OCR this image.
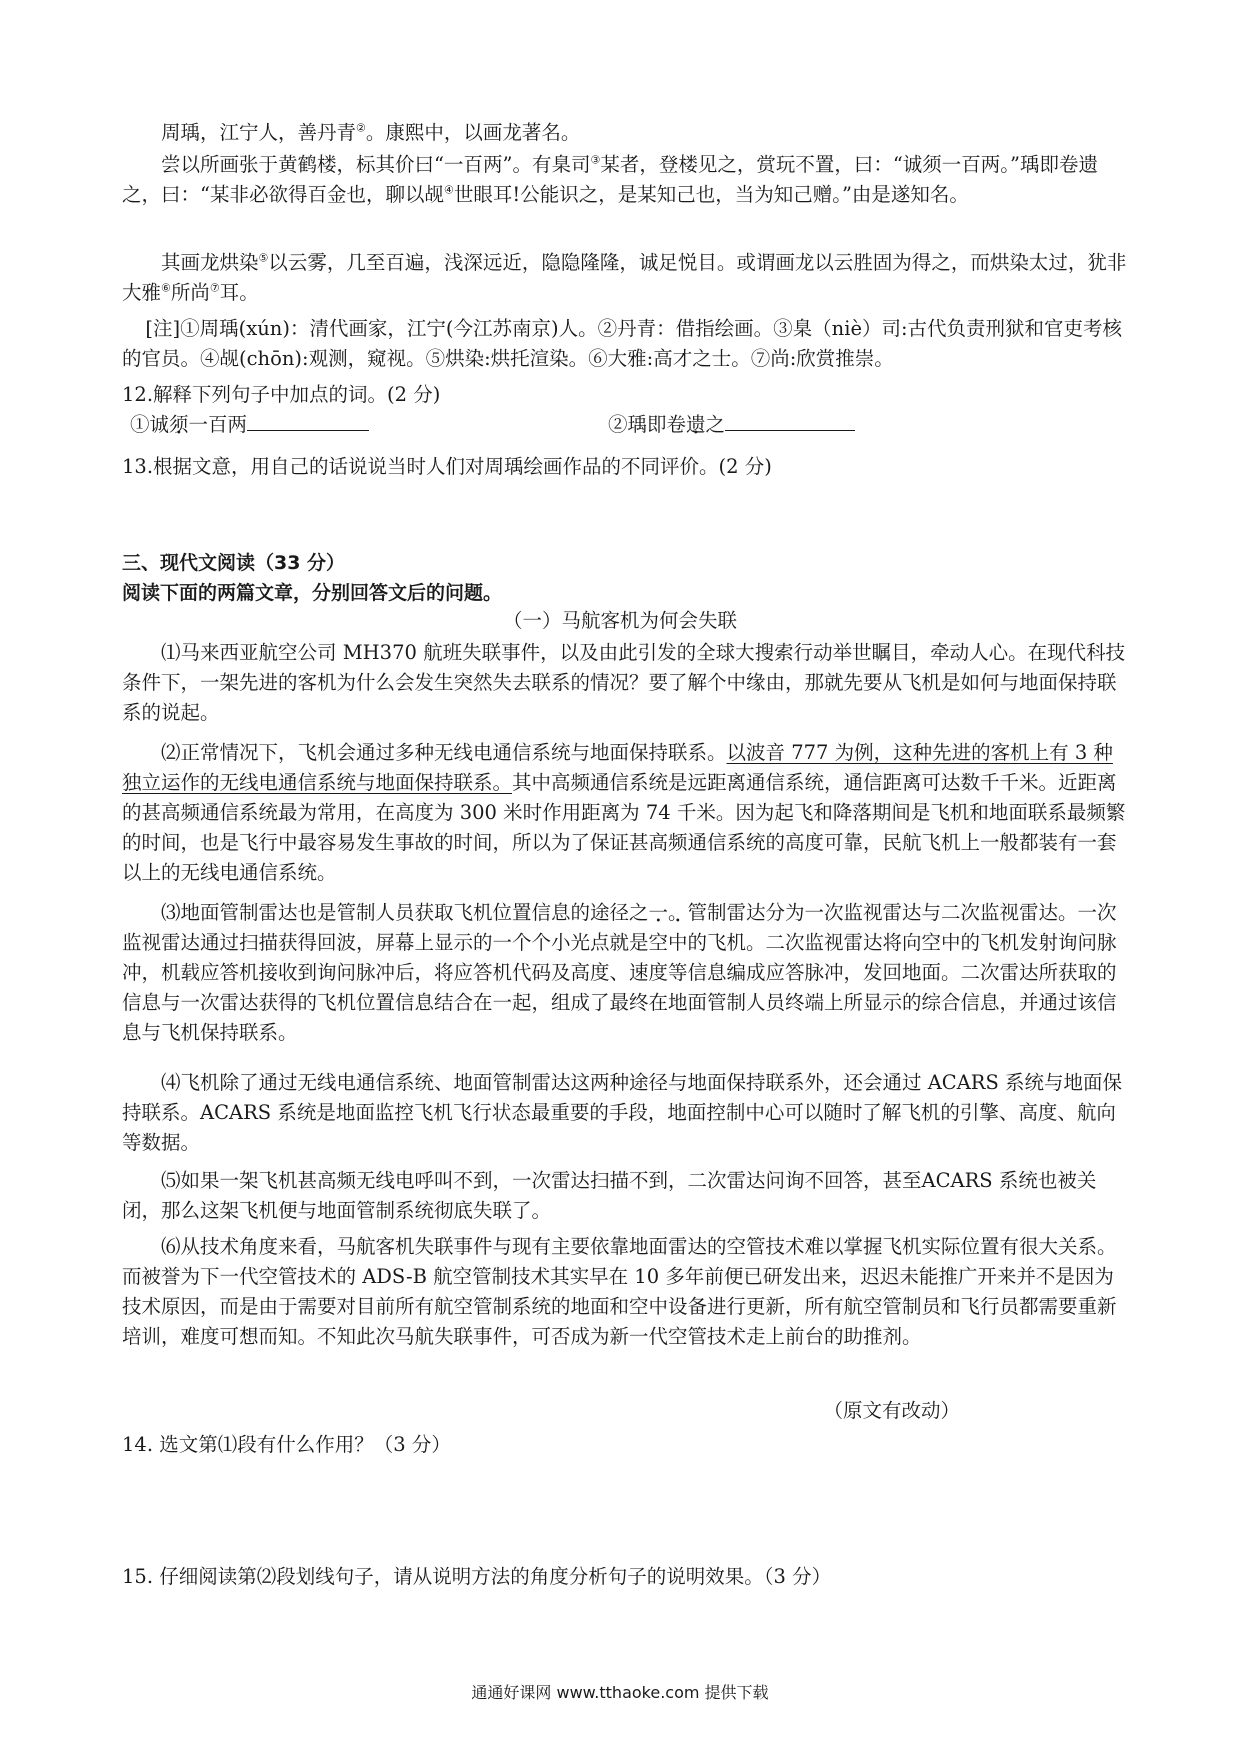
周瑀，江宁人，善丹青②。康熙中，以画龙著名。

尝以所画张于黄鹤楼，标其价曰“一百两”。有臬司③某者，登楼见之，赏玩不置，曰：“诚须一百两。”瑀即卷遗之，曰：“某非必欲得百金也，聊以觇④世眼耳!公能识之，是某知己也，当为知己赠。”由是遂知名。

其画龙烘染⑤以云雾，几至百遍，浅深远近，隐隐隆隆，诚足悦目。或谓画龙以云胜固为得之，而烘染太过，犹非大雅⑥所尚⑦耳。

[注]①周瑀(xún)：清代画家，江宁(今江苏南京)人。②丹青：借指绘画。③臬（niè）司:古代负责刑狱和官吏考核的官员。④觇(chōn):观测，窥视。⑤烘染:烘托渲染。⑥大雅:高才之士。⑦尚:欣赏推崇。

12.解释下列句子中加点的词。(2 分)

①诚须一百两	②瑀即卷遗之

13.根据文意，用自己的话说说当时人们对周瑀绘画作品的不同评价。(2 分)

三、现代文阅读（33 分）

阅读下面的两篇文章，分别回答文后的问题。

（一）马航客机为何会失联

⑴马来西亚航空公司 MH370 航班失联事件，以及由此引发的全球大搜索行动举世瞩目，牵动人心。在现代科技条件下，一架先进的客机为什么会发生突然失去联系的情况？要了解个中缘由，那就先要从飞机是如何与地面保持联系的说起。

⑵正常情况下，飞机会通过多种无线电通信系统与地面保持联系。以波音 777 为例，这种先进的客机上有 3 种独立运作的无线电通信系统与地面保持联系。其中高频通信系统是远距离通信系统，通信距离可达数千千米。近距离的甚高频通信系统最为常用，在高度为 300 米时作用距离为 74 千米。因为起飞和降落期间是飞机和地面联系最频繁的时间，也是飞行中最容易发生事故的时间，所以为了保证甚高频通信系统的高度可靠，民航飞机上一般都装有一套以上的无线电通信系统。

⑶地面管制雷达也是管制人员获取飞机位置信息的途径之一。管制雷达分为一次监视雷达与二次监视雷达。一次监视雷达通过扫描获得回波，屏幕上显示的一个个小光点就是空中的飞机。二次监视雷达将向空中的飞机发射询问脉冲，机载应答机接收到询问脉冲后，将应答机代码及高度、速度等信息编成应答脉冲，发回地面。二次雷达所获取的信息与一次雷达获得的飞机位置信息结合在一起，组成了最终在地面管制人员终端上所显示的综合信息，并通过该信息与飞机保持联系。

⑷飞机除了通过无线电通信系统、地面管制雷达这两种途径与地面保持联系外，还会通过 ACARS 系统与地面保持联系。ACARS 系统是地面监控飞机飞行状态最重要的手段，地面控制中心可以随时了解飞机的引擎、高度、航向等数据。

⑸如果一架飞机甚高频无线电呼叫不到，一次雷达扫描不到，二次雷达问询不回答，甚至ACARS 系统也被关闭，那么这架飞机便与地面管制系统彻底失联了。

⑹从技术角度来看，马航客机失联事件与现有主要依靠地面雷达的空管技术难以掌握飞机实际位置有很大关系。而被誉为下一代空管技术的 ADS-B 航空管制技术其实早在 10 多年前便已研发出来，迟迟未能推广开来并不是因为技术原因，而是由于需要对目前所有航空管制系统的地面和空中设备进行更新，所有航空管制员和飞行员都需要重新培训，难度可想而知。不知此次马航失联事件，可否成为新一代空管技术走上前台的助推剂。

（原文有改动）

14. 选文第⑴段有什么作用？（3 分）

15. 仔细阅读第⑵段划线句子，请从说明方法的角度分析句子的说明效果。（3 分）

通通好课网 www.tthaoke.com 提供下载
